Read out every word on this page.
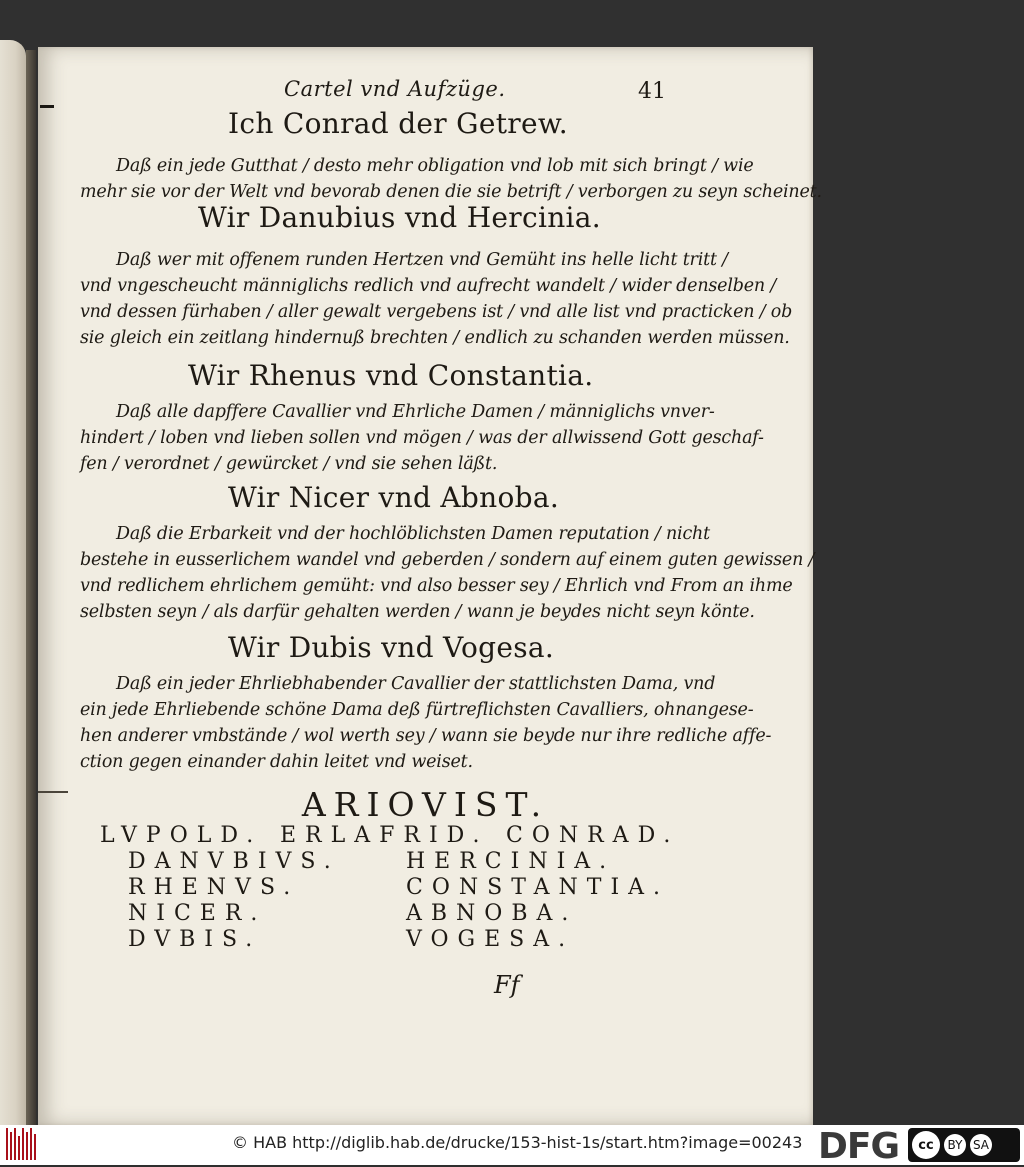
Cartel vnd Aufzüge.	41
Ich Conrad der Getrew.
Daß ein jede Gutthat / desto mehr obligation vnd lob mit sich bringt / wie
mehr sie vor der Welt vnd bevorab denen die sie betrift / verborgen zu seyn scheinet.
Wir Danubius vnd Hercinia.
Daß wer mit offenem runden Hertzen vnd Gemüht ins helle licht tritt /
vnd vngescheucht männiglichs redlich vnd aufrecht wandelt / wider denselben /
vnd dessen fürhaben / aller gewalt vergebens ist / vnd alle list vnd practicken / ob
sie gleich ein zeitlang hindernuß brechten / endlich zu schanden werden müssen.
Wir Rhenus vnd Constantia.
Daß alle dapffere Cavallier vnd Ehrliche Damen / männiglichs vnver-
hindert / loben vnd lieben sollen vnd mögen / was der allwissend Gott geschaf-
fen / verordnet / gewürcket / vnd sie sehen läßt.
Wir Nicer vnd Abnoba.
Daß die Erbarkeit vnd der hochlöblichsten Damen reputation / nicht
bestehe in eusserlichem wandel vnd geberden / sondern auf einem guten gewissen /
vnd redlichem ehrlichem gemüht: vnd also besser sey / Ehrlich vnd From an ihme
selbsten seyn / als darfür gehalten werden / wann je beydes nicht seyn könte.
Wir Dubis vnd Vogesa.
Daß ein jeder Ehrliebhabender Cavallier der stattlichsten Dama, vnd
ein jede Ehrliebende schöne Dama deß fürtreflichsten Cavalliers, ohnangese-
hen anderer vmbstände / wol werth sey / wann sie beyde nur ihre redliche affe-
ction gegen einander dahin leitet vnd weiset.
ARIOVIST.
LVPOLD. ERLAFRID. CONRAD.
DANVBIVS.	HERCINIA.
RHENVS.	CONSTANTIA.
NICER.	ABNOBA.
DVBIS.	VOGESA.
Ff
© HAB http://diglib.hab.de/drucke/153-hist-1s/start.htm?image=00243 DFG	cc	BY SA
